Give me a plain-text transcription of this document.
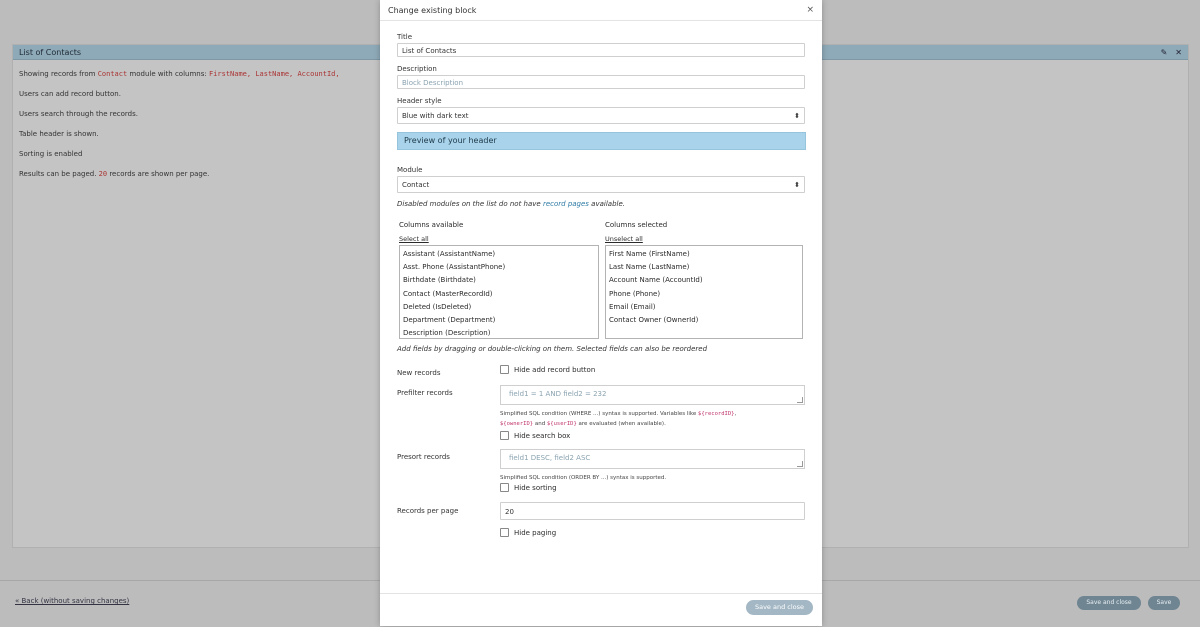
List of Contacts	✎ ✕
Showing records from Contact module with columns: FirstName, LastName, AccountId,
Users can add record button.
Users search through the records.
Table header is shown.
Sorting is enabled
Results can be paged. 20 records are shown per page.
« Back (without saving changes)	Save and close	Save
Change existing block	×
Title
List of Contacts
Description
Block Description
Header style
Blue with dark text	⬍
Preview of your header
Module
Contact	⬍
Disabled modules on the list do not have record pages available.
Columns available
Select all
Assistant (AssistantName)
Asst. Phone (AssistantPhone)
Birthdate (Birthdate)
Contact (MasterRecordId)
Deleted (IsDeleted)
Department (Department)
Description (Description)
Columns selected
Unselect all
First Name (FirstName)
Last Name (LastName)
Account Name (AccountId)
Phone (Phone)
Email (Email)
Contact Owner (OwnerId)
Add fields by dragging or double-clicking on them. Selected fields can also be reordered
New records	Hide add record button
Prefilter records	field1 = 1 AND field2 = 232
Simplified SQL condition (WHERE ...) syntax is supported. Variables like ${recordID},
${ownerID} and ${userID} are evaluated (when available).
Hide search box
Presort records	field1 DESC, field2 ASC
Simplified SQL condition (ORDER BY ...) syntax is supported.
Hide sorting
Records per page	20
Hide paging
Save and close
